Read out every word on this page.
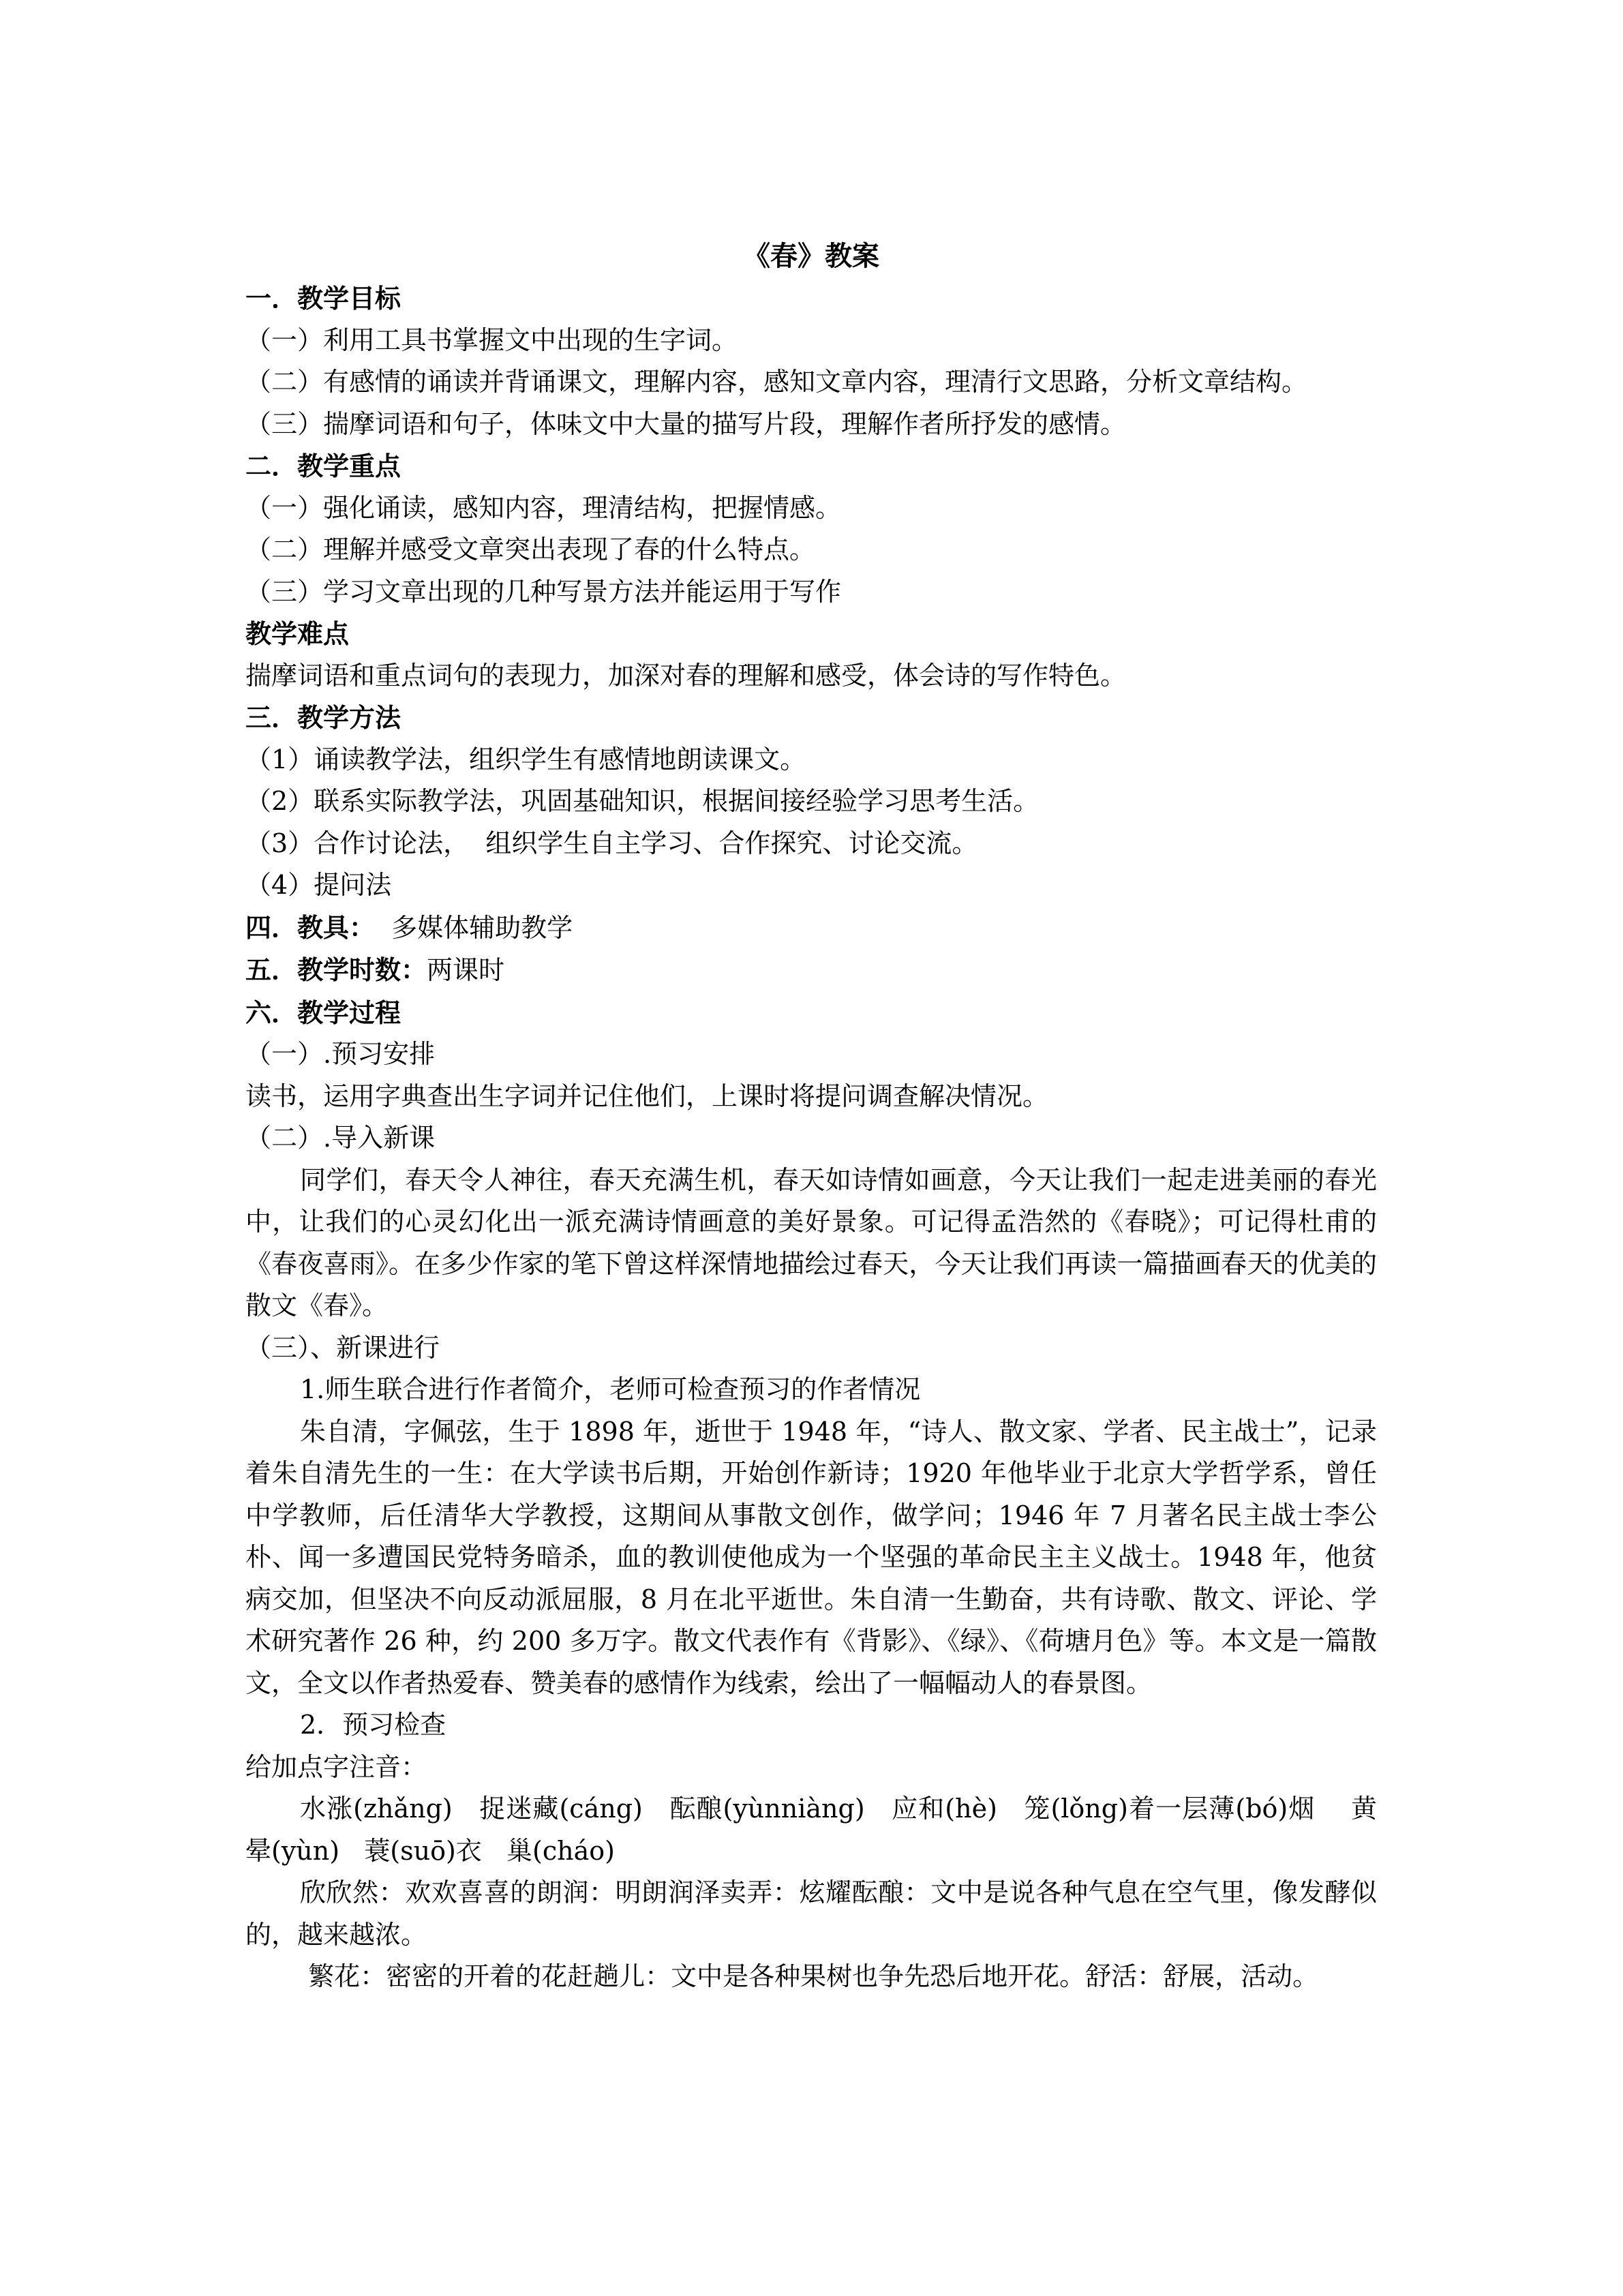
《春》教案

一．教学目标

（一）利用工具书掌握文中出现的生字词。

（二）有感情的诵读并背诵课文，理解内容，感知文章内容，理清行文思路，分析文章结构。

（三）揣摩词语和句子，体味文中大量的描写片段，理解作者所抒发的感情。

二．教学重点

（一）强化诵读，感知内容，理清结构，把握情感。

（二）理解并感受文章突出表现了春的什么特点。

（三）学习文章出现的几种写景方法并能运用于写作

教学难点

揣摩词语和重点词句的表现力，加深对春的理解和感受，体会诗的写作特色。

三．教学方法

（1）诵读教学法，组织学生有感情地朗读课文。

（2）联系实际教学法，巩固基础知识，根据间接经验学习思考生活。

（3）合作讨论法，  组织学生自主学习、合作探究、讨论交流。

（4）提问法

四．教具：  多媒体辅助教学

五．教学时数：两课时

六．教学过程

（一）.预习安排

读书，运用字典查出生字词并记住他们，上课时将提问调查解决情况。

（二）.导入新课

同学们，春天令人神往，春天充满生机，春天如诗情如画意，今天让我们一起走进美丽的春光中，让我们的心灵幻化出一派充满诗情画意的美好景象。可记得孟浩然的《春晓》；可记得杜甫的《春夜喜雨》。在多少作家的笔下曾这样深情地描绘过春天，今天让我们再读一篇描画春天的优美的散文《春》。

（三）、新课进行

1.师生联合进行作者简介，老师可检查预习的作者情况

朱自清，字佩弦，生于 1898 年，逝世于 1948 年，“诗人、散文家、学者、民主战士”，记录着朱自清先生的一生：在大学读书后期，开始创作新诗；1920 年他毕业于北京大学哲学系，曾任中学教师，后任清华大学教授，这期间从事散文创作，做学问；1946 年 7 月著名民主战士李公朴、闻一多遭国民党特务暗杀，血的教训使他成为一个坚强的革命民主主义战士。1948 年，他贫病交加，但坚决不向反动派屈服，8 月在北平逝世。朱自清一生勤奋，共有诗歌、散文、评论、学术研究著作 26 种，约 200 多万字。散文代表作有《背影》、《绿》、《荷塘月色》等。本文是一篇散文，全文以作者热爱春、赞美春的感情作为线索，绘出了一幅幅动人的春景图。

2．预习检查

给加点字注音：

水涨(zhǎng)   捉迷藏(cáng)   酝酿(yùnniàng)   应和(hè)   笼(lǒng)着一层薄(bó)烟    黄晕(yùn)   蓑(suō)衣   巢(cháo)

欣欣然：欢欢喜喜的朗润：明朗润泽卖弄：炫耀酝酿：文中是说各种气息在空气里，像发酵似的，越来越浓。

繁花：密密的开着的花赶趟儿：文中是各种果树也争先恐后地开花。舒活：舒展，活动。
